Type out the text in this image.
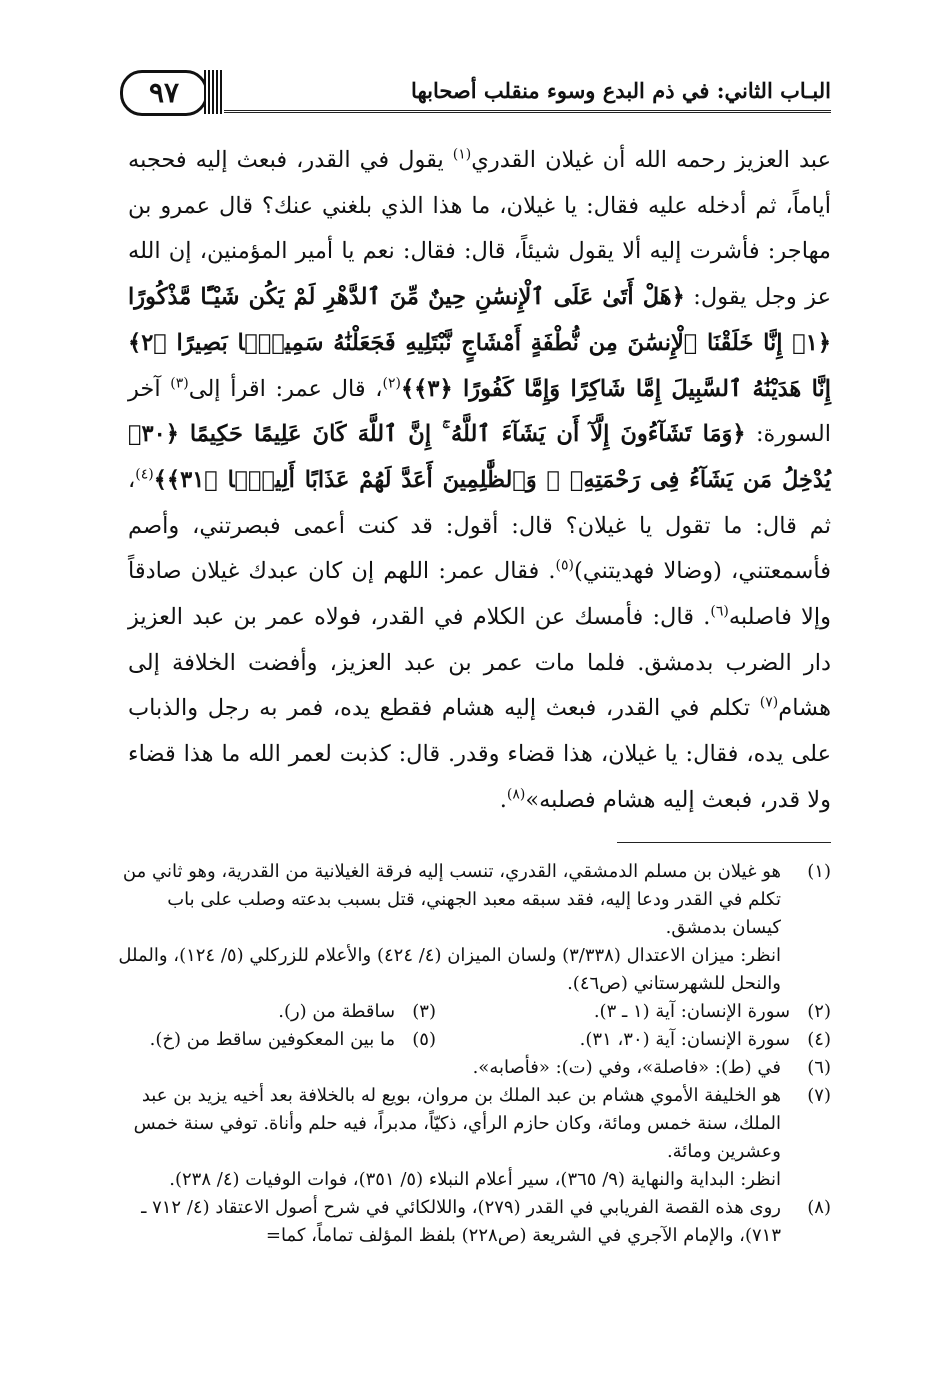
البـاب الثاني: في ذم البدع وسوء منقلب أصحابها
٩٧

عبد العزيز رحمه الله أن غيلان القدري$^{(١)}$ يقول في القدر، فبعث إليه فحجبه أياماً، ثم أدخله عليه فقال: يا غيلان، ما هذا الذي بلغني عنك؟ قال عمرو بن مهاجر: فأشرت إليه ألا يقول شيئاً، قال: فقال: نعم يا أمير المؤمنين، إن الله عز وجل يقول: ﴿هَلْ أَتَىٰ عَلَى ٱلْإِنسَٰنِ حِينٌ مِّنَ ٱلدَّهْرِ لَمْ يَكُن شَيْـًٔا مَّذْكُورًا ﴿١﴾ إِنَّا خَلَقْنَا ٱلْإِنسَٰنَ مِن نُّطْفَةٍ أَمْشَاجٍ نَّبْتَلِيهِ فَجَعَلْنَٰهُ سَمِيعًۢا بَصِيرًا ﴿٢﴾ إِنَّا هَدَيْنَٰهُ ٱلسَّبِيلَ إِمَّا شَاكِرًا وَإِمَّا كَفُورًا ﴿٣﴾﴾$^{(٢)}$، قال عمر: اقرأ إلى$^{(٣)}$ آخر السورة: ﴿وَمَا تَشَآءُونَ إِلَّآ أَن يَشَآءَ ٱللَّهُ ۚ إِنَّ ٱللَّهَ كَانَ عَلِيمًا حَكِيمًا ﴿٣٠﴾ يُدْخِلُ مَن يَشَآءُ فِى رَحْمَتِهِۦ ۚ وَٱلظَّٰلِمِينَ أَعَدَّ لَهُمْ عَذَابًا أَلِيمًۢا ﴿٣١﴾﴾$^{(٤)}$، ثم قال: ما تقول يا غيلان؟ قال: أقول: قد كنت أعمى فبصرتني، وأصم فأسمعتني، (وضالا فهديتني)$^{(٥)}$. فقال عمر: اللهم إن كان عبدك غيلان صادقاً وإلا فاصلبه$^{(٦)}$. قال: فأمسك عن الكلام في القدر، فولاه عمر بن عبد العزيز دار الضرب بدمشق. فلما مات عمر بن عبد العزيز، وأفضت الخلافة إلى هشام$^{(٧)}$ تكلم في القدر، فبعث إليه هشام فقطع يده، فمر به رجل والذباب على يده، فقال: يا غيلان، هذا قضاء وقدر. قال: كذبت لعمر الله ما هذا قضاء ولا قدر، فبعث إليه هشام فصلبه»$^{(٨)}$.

(١)
هو غيلان بن مسلم الدمشقي، القدري، تنسب إليه فرقة الغيلانية من القدرية، وهو ثاني من تكلم في القدر ودعا إليه، فقد سبقه معبد الجهني، قتل بسبب بدعته وصلب على باب كيسان بدمشق.
انظر: ميزان الاعتدال (٣/٣٣٨) ولسان الميزان (٤/ ٤٢٤) والأعلام للزركلي (٥/ ١٢٤)، والملل والنحل للشهرستاني (ص٤٦).
(٢)   سورة الإنسان: آية (١ ـ ٣).
(٣)   ساقطة من (ر).
(٤)   سورة الإنسان: آية (٣٠، ٣١).
(٥)   ما بين المعكوفين ساقط من (خ).
(٦)
في (ط): «فاصلة»، وفي (ت): «فأصابه».
(٧)
هو الخليفة الأموي هشام بن عبد الملك بن مروان، بويع له بالخلافة بعد أخيه يزيد بن عبد الملك، سنة خمس ومائة، وكان حازم الرأي، ذكيّاً، مدبراً، فيه حلم وأناة. توفي سنة خمس وعشرين ومائة.
انظر: البداية والنهاية (٩/ ٣٦٥)، سير أعلام النبلاء (٥/ ٣٥١)، فوات الوفيات (٤/ ٢٣٨).
(٨)
روى هذه القصة الفريابي في القدر (٢٧٩)، واللالكائي في شرح أصول الاعتقاد (٤/ ٧١٢ ـ ٧١٣)، والإمام الآجري في الشريعة (ص٢٢٨) بلفظ المؤلف تماماً، كما=
